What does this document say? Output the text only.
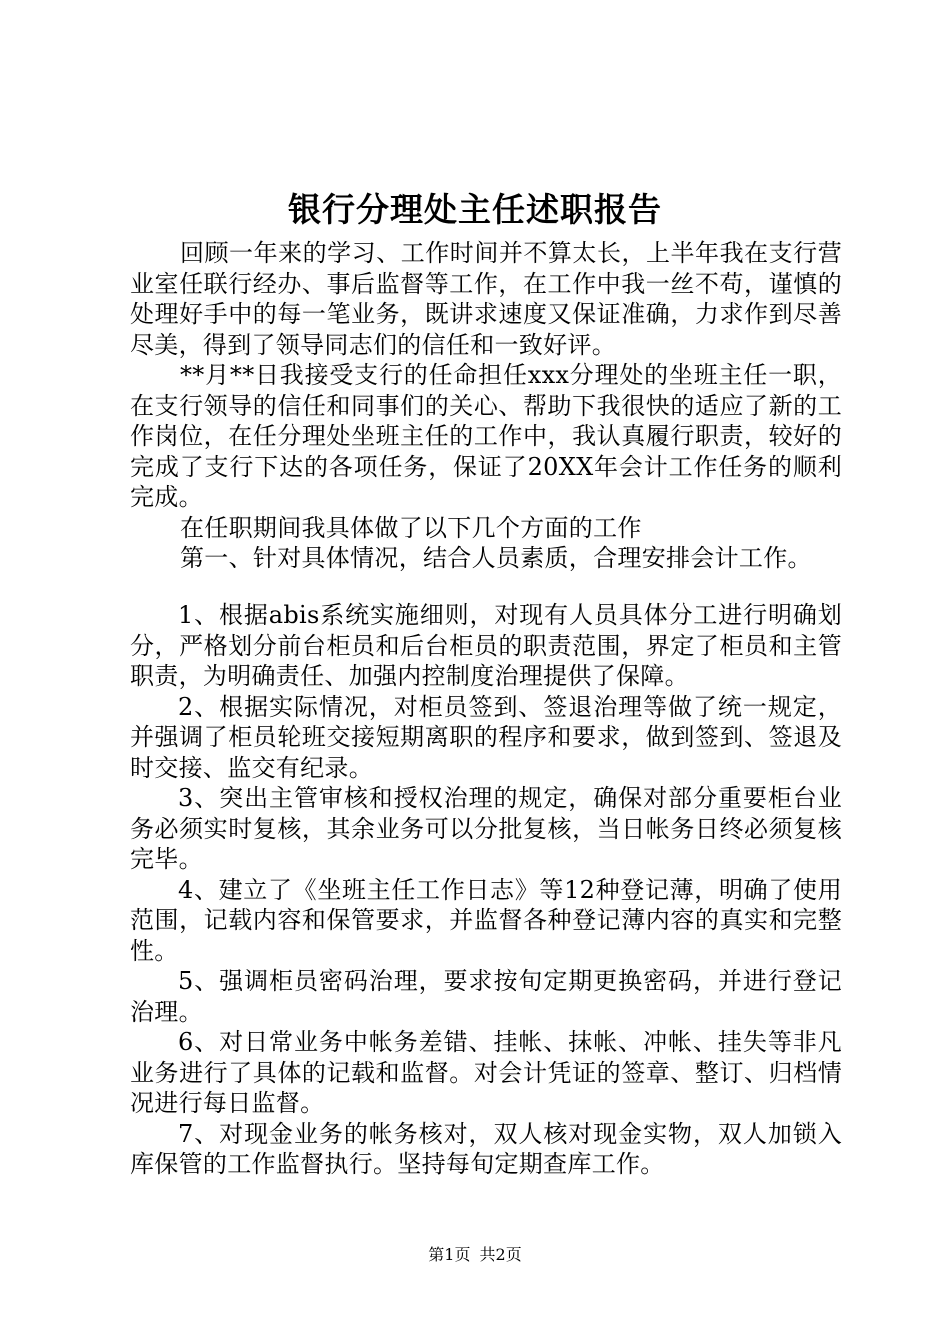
银行分理处主任述职报告

回顾一年来的学习、工作时间并不算太长，上半年我在支行营业室任联行经办、事后监督等工作，在工作中我一丝不苟，谨慎的处理好手中的每一笔业务，既讲求速度又保证准确，力求作到尽善尽美，得到了领导同志们的信任和一致好评。

**月**日我接受支行的任命担任xxx分理处的坐班主任一职，在支行领导的信任和同事们的关心、帮助下我很快的适应了新的工作岗位，在任分理处坐班主任的工作中，我认真履行职责，较好的完成了支行下达的各项任务，保证了20XX年会计工作任务的顺利完成。

在任职期间我具体做了以下几个方面的工作

第一、针对具体情况，结合人员素质，合理安排会计工作。

1、根据abis系统实施细则，对现有人员具体分工进行明确划分，严格划分前台柜员和后台柜员的职责范围，界定了柜员和主管职责，为明确责任、加强内控制度治理提供了保障。

2、根据实际情况，对柜员签到、签退治理等做了统一规定，并强调了柜员轮班交接短期离职的程序和要求，做到签到、签退及时交接、监交有纪录。

3、突出主管审核和授权治理的规定，确保对部分重要柜台业务必须实时复核，其余业务可以分批复核，当日帐务日终必须复核完毕。

4、建立了《坐班主任工作日志》等12种登记薄，明确了使用范围，记载内容和保管要求，并监督各种登记薄内容的真实和完整性。

5、强调柜员密码治理，要求按旬定期更换密码，并进行登记治理。

6、对日常业务中帐务差错、挂帐、抹帐、冲帐、挂失等非凡业务进行了具体的记载和监督。对会计凭证的签章、整订、归档情况进行每日监督。

7、对现金业务的帐务核对，双人核对现金实物，双人加锁入库保管的工作监督执行。坚持每旬定期查库工作。

第1页 共2页
